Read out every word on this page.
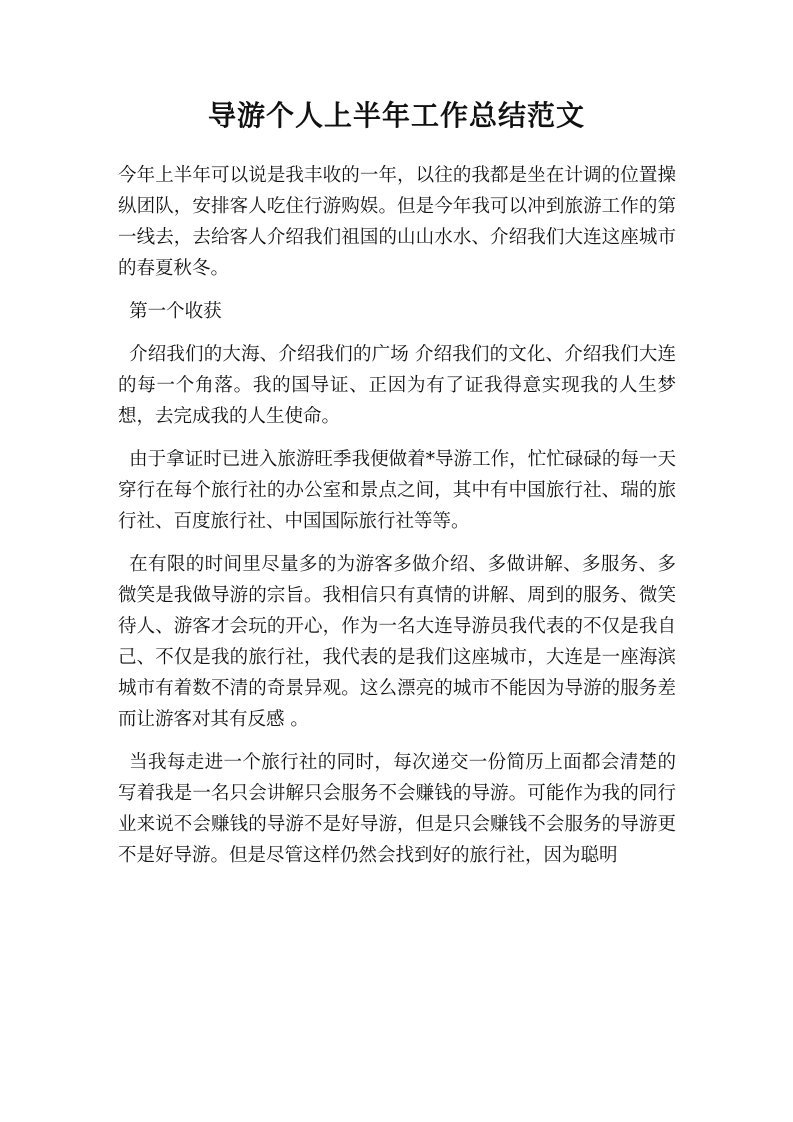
导游个人上半年工作总结范文

今年上半年可以说是我丰收的一年，以往的我都是坐在计调的位置操纵团队，安排客人吃住行游购娱。但是今年我可以冲到旅游工作的第一线去，去给客人介绍我们祖国的山山水水、介绍我们大连这座城市的春夏秋冬。

第一个收获

介绍我们的大海、介绍我们的广场 介绍我们的文化、介绍我们大连的每一个角落。我的国导证、正因为有了证我得意实现我的人生梦想，去完成我的人生使命。

由于拿证时已进入旅游旺季我便做着*导游工作，忙忙碌碌的每一天穿行在每个旅行社的办公室和景点之间，其中有中国旅行社、瑞的旅行社、百度旅行社、中国国际旅行社等等。

在有限的时间里尽量多的为游客多做介绍、多做讲解、多服务、多微笑是我做导游的宗旨。我相信只有真情的讲解、周到的服务、微笑待人、游客才会玩的开心，作为一名大连导游员我代表的不仅是我自己、不仅是我的旅行社，我代表的是我们这座城市，大连是一座海滨城市有着数不清的奇景异观。这么漂亮的城市不能因为导游的服务差而让游客对其有反感 。

当我每走进一个旅行社的同时，每次递交一份简历上面都会清楚的写着我是一名只会讲解只会服务不会赚钱的导游。可能作为我的同行业来说不会赚钱的导游不是好导游，但是只会赚钱不会服务的导游更不是好导游。但是尽管这样仍然会找到好的旅行社，因为聪明
